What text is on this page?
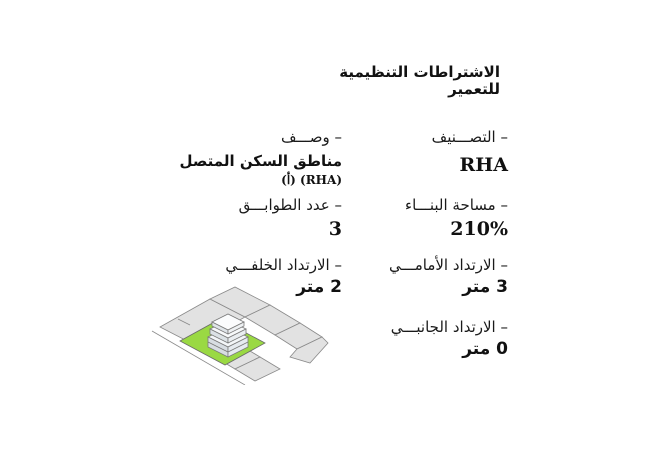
الاشتراطات التنظيمية
للتعمير
– التصـــنيف
RHA
– وصـــف
مناطق السكن المتصل
(RHA) (أ)
– مساحة البنـــاء
210%
– عدد الطوابـــق
3
– الارتداد الأمامـــي
3 متر
– الارتداد الخلفـــي
2 متر
– الارتداد الجانبـــي
0 متر
